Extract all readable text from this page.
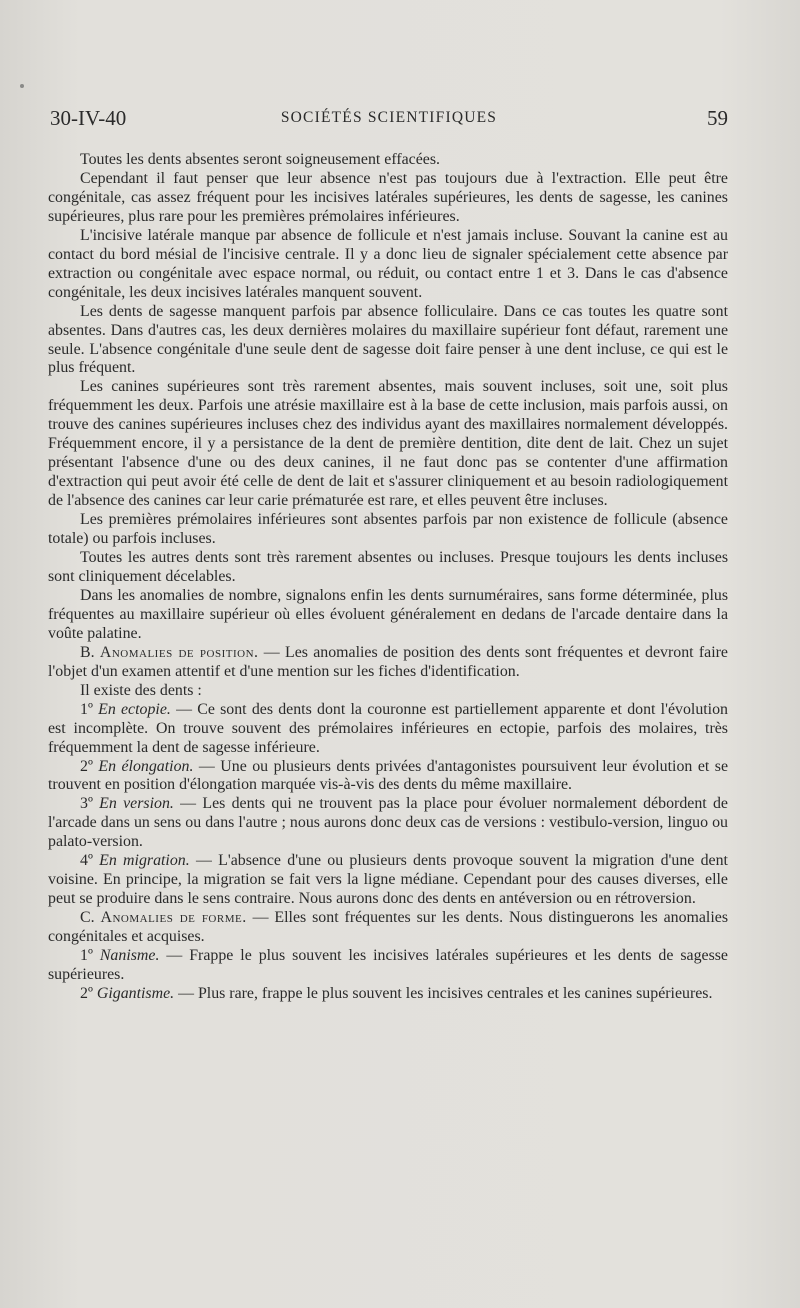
30-IV-40	SOCIÉTÉS SCIENTIFIQUES	59

Toutes les dents absentes seront soigneusement effacées.

Cependant il faut penser que leur absence n'est pas toujours due à l'extraction. Elle peut être congénitale, cas assez fréquent pour les incisives latérales supérieures, les dents de sagesse, les canines supérieures, plus rare pour les premières prémolaires inférieures.

L'incisive latérale manque par absence de follicule et n'est jamais incluse. Souvant la canine est au contact du bord mésial de l'incisive centrale. Il y a donc lieu de signaler spécialement cette absence par extraction ou congénitale avec espace normal, ou réduit, ou contact entre 1 et 3. Dans le cas d'absence congénitale, les deux incisives latérales manquent souvent.

Les dents de sagesse manquent parfois par absence folliculaire. Dans ce cas toutes les quatre sont absentes. Dans d'autres cas, les deux dernières molaires du maxillaire supérieur font défaut, rarement une seule. L'absence congénitale d'une seule dent de sagesse doit faire penser à une dent incluse, ce qui est le plus fréquent.

Les canines supérieures sont très rarement absentes, mais souvent incluses, soit une, soit plus fréquemment les deux. Parfois une atrésie maxillaire est à la base de cette inclusion, mais parfois aussi, on trouve des canines supérieures incluses chez des individus ayant des maxillaires normalement développés. Fréquemment encore, il y a persistance de la dent de première dentition, dite dent de lait. Chez un sujet présentant l'absence d'une ou des deux canines, il ne faut donc pas se contenter d'une affirmation d'extraction qui peut avoir été celle de dent de lait et s'assurer cliniquement et au besoin radiologiquement de l'absence des canines car leur carie prématurée est rare, et elles peuvent être incluses.

Les premières prémolaires inférieures sont absentes parfois par non existence de follicule (absence totale) ou parfois incluses.

Toutes les autres dents sont très rarement absentes ou incluses. Presque toujours les dents incluses sont cliniquement décelables.

Dans les anomalies de nombre, signalons enfin les dents surnuméraires, sans forme déterminée, plus fréquentes au maxillaire supérieur où elles évoluent généralement en dedans de l'arcade dentaire dans la voûte palatine.

B. Anomalies de position. — Les anomalies de position des dents sont fréquentes et devront faire l'objet d'un examen attentif et d'une mention sur les fiches d'identification.

Il existe des dents :

1º En ectopie. — Ce sont des dents dont la couronne est partiellement apparente et dont l'évolution est incomplète. On trouve souvent des prémolaires inférieures en ectopie, parfois des molaires, très fréquemment la dent de sagesse inférieure.

2º En élongation. — Une ou plusieurs dents privées d'antagonistes poursuivent leur évolution et se trouvent en position d'élongation marquée vis-à-vis des dents du même maxillaire.

3º En version. — Les dents qui ne trouvent pas la place pour évoluer normalement débordent de l'arcade dans un sens ou dans l'autre ; nous aurons donc deux cas de versions : vestibulo-version, linguo ou palato-version.

4º En migration. — L'absence d'une ou plusieurs dents provoque souvent la migration d'une dent voisine. En principe, la migration se fait vers la ligne médiane. Cependant pour des causes diverses, elle peut se produire dans le sens contraire. Nous aurons donc des dents en antéversion ou en rétroversion.

C. Anomalies de forme. — Elles sont fréquentes sur les dents. Nous distinguerons les anomalies congénitales et acquises.

1º Nanisme. — Frappe le plus souvent les incisives latérales supérieures et les dents de sagesse supérieures.

2º Gigantisme. — Plus rare, frappe le plus souvent les incisives centrales et les canines supérieures.
